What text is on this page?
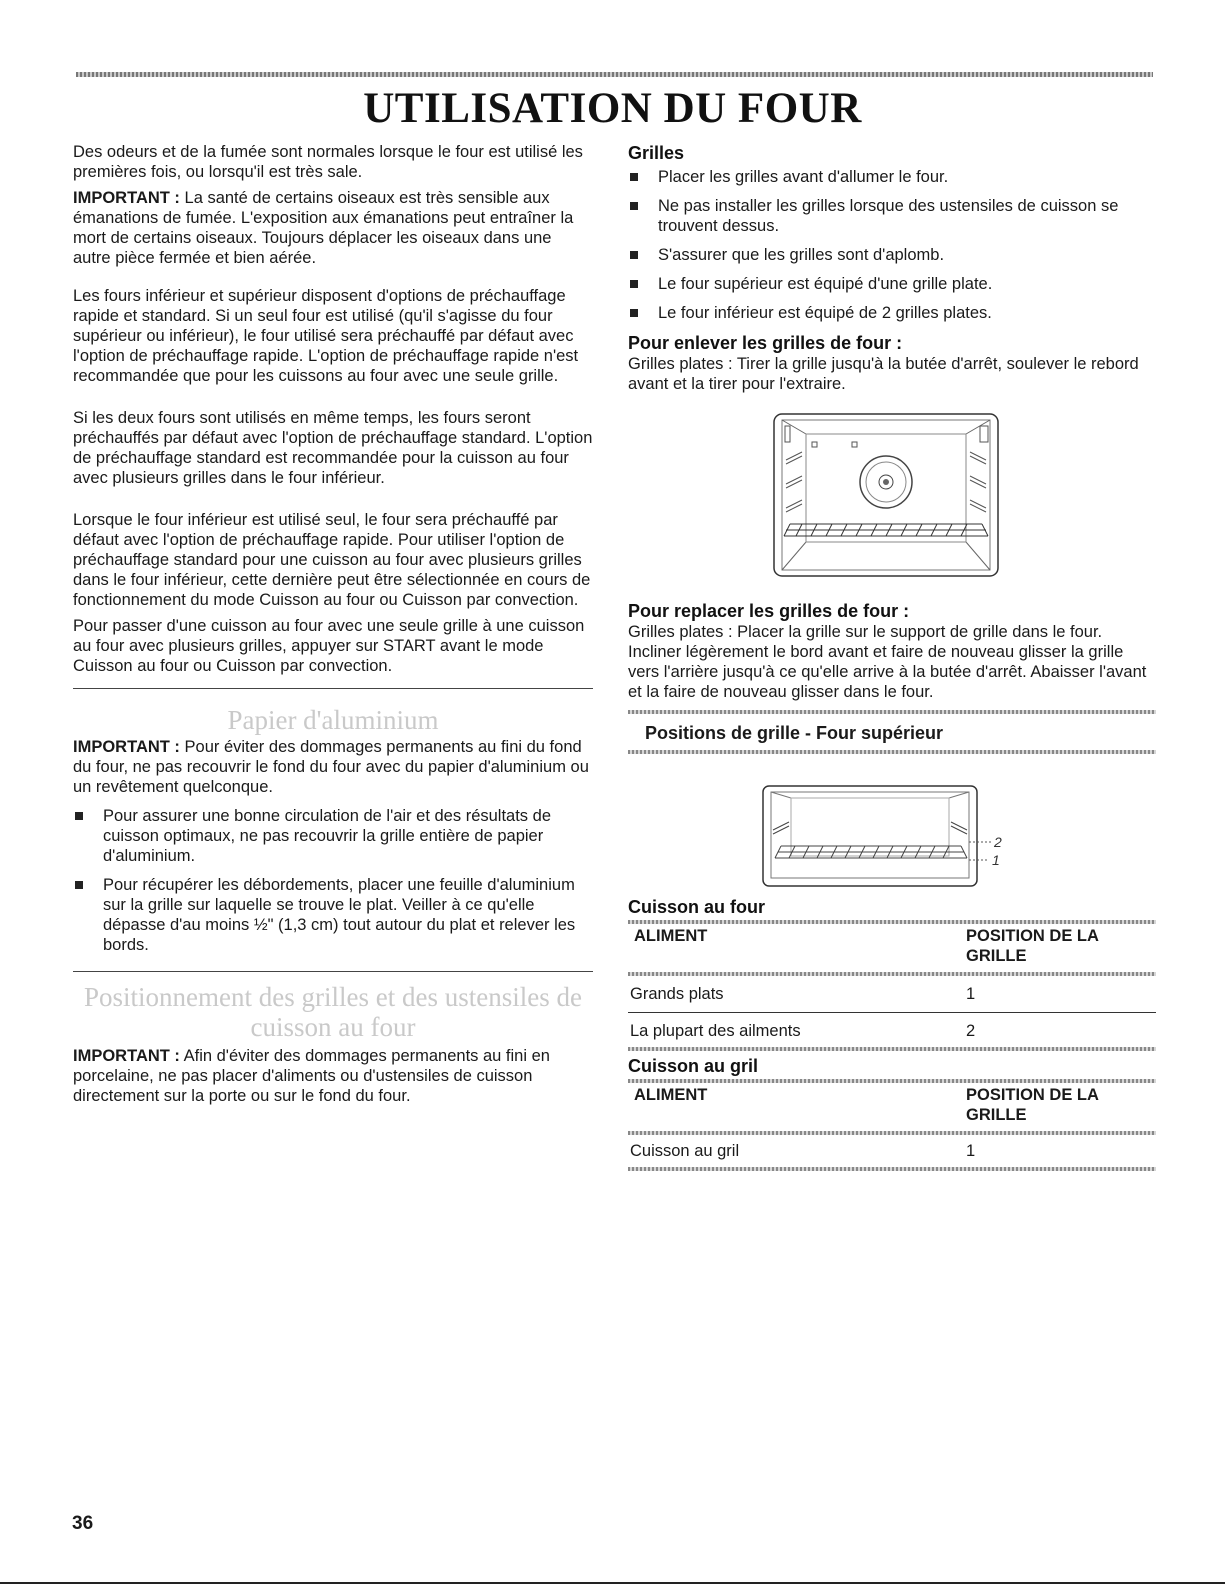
UTILISATION DU FOUR

Des odeurs et de la fumée sont normales lorsque le four est utilisé les premières fois, ou lorsqu'il est très sale.

IMPORTANT : La santé de certains oiseaux est très sensible aux émanations de fumée. L'exposition aux émanations peut entraîner la mort de certains oiseaux. Toujours déplacer les oiseaux dans une autre pièce fermée et bien aérée.

Les fours inférieur et supérieur disposent d'options de préchauffage rapide et standard. Si un seul four est utilisé (qu'il s'agisse du four supérieur ou inférieur), le four utilisé sera préchauffé par défaut avec l'option de préchauffage rapide. L'option de préchauffage rapide n'est recommandée que pour les cuissons au four avec une seule grille.

Si les deux fours sont utilisés en même temps, les fours seront préchauffés par défaut avec l'option de préchauffage standard. L'option de préchauffage standard est recommandée pour la cuisson au four avec plusieurs grilles dans le four inférieur.

Lorsque le four inférieur est utilisé seul, le four sera préchauffé par défaut avec l'option de préchauffage rapide. Pour utiliser l'option de préchauffage standard pour une cuisson au four avec plusieurs grilles dans le four inférieur, cette dernière peut être sélectionnée en cours de fonctionnement du mode Cuisson au four ou Cuisson par convection.

Pour passer d'une cuisson au four avec une seule grille à une cuisson au four avec plusieurs grilles, appuyer sur START avant le mode Cuisson au four ou Cuisson par convection.

Papier d'aluminium

IMPORTANT : Pour éviter des dommages permanents au fini du fond du four, ne pas recouvrir le fond du four avec du papier d'aluminium ou un revêtement quelconque.

Pour assurer une bonne circulation de l'air et des résultats de cuisson optimaux, ne pas recouvrir la grille entière de papier d'aluminium.
Pour récupérer les débordements, placer une feuille d'aluminium sur la grille sur laquelle se trouve le plat. Veiller à ce qu'elle dépasse d'au moins ½" (1,3 cm) tout autour du plat et relever les bords.

Positionnement des grilles et des ustensiles de
cuisson au four

IMPORTANT : Afin d'éviter des dommages permanents au fini en porcelaine, ne pas placer d'aliments ou d'ustensiles de cuisson directement sur la porte ou sur le fond du four.

Grilles

Placer les grilles avant d'allumer le four.
Ne pas installer les grilles lorsque des ustensiles de cuisson se trouvent dessus.
S'assurer que les grilles sont d'aplomb.
Le four supérieur est équipé d'une grille plate.
Le four inférieur est équipé de 2 grilles plates.

Pour enlever les grilles de four :

Grilles plates : Tirer la grille jusqu'à la butée d'arrêt, soulever le rebord avant et la tirer pour l'extraire.

Pour replacer les grilles de four :

Grilles plates : Placer la grille sur le support de grille dans le four. Incliner légèrement le bord avant et faire de nouveau glisser la grille vers l'arrière jusqu'à ce qu'elle arrive à la butée d'arrêt. Abaisser l'avant et la faire de nouveau glisser dans le four.

Positions de grille - Four supérieur

2
1

Cuisson au four

ALIMENT	POSITION DE LA GRILLE
Grands plats	1
La plupart des ailments	2

Cuisson au gril

ALIMENT	POSITION DE LA GRILLE
Cuisson au gril	1
36
